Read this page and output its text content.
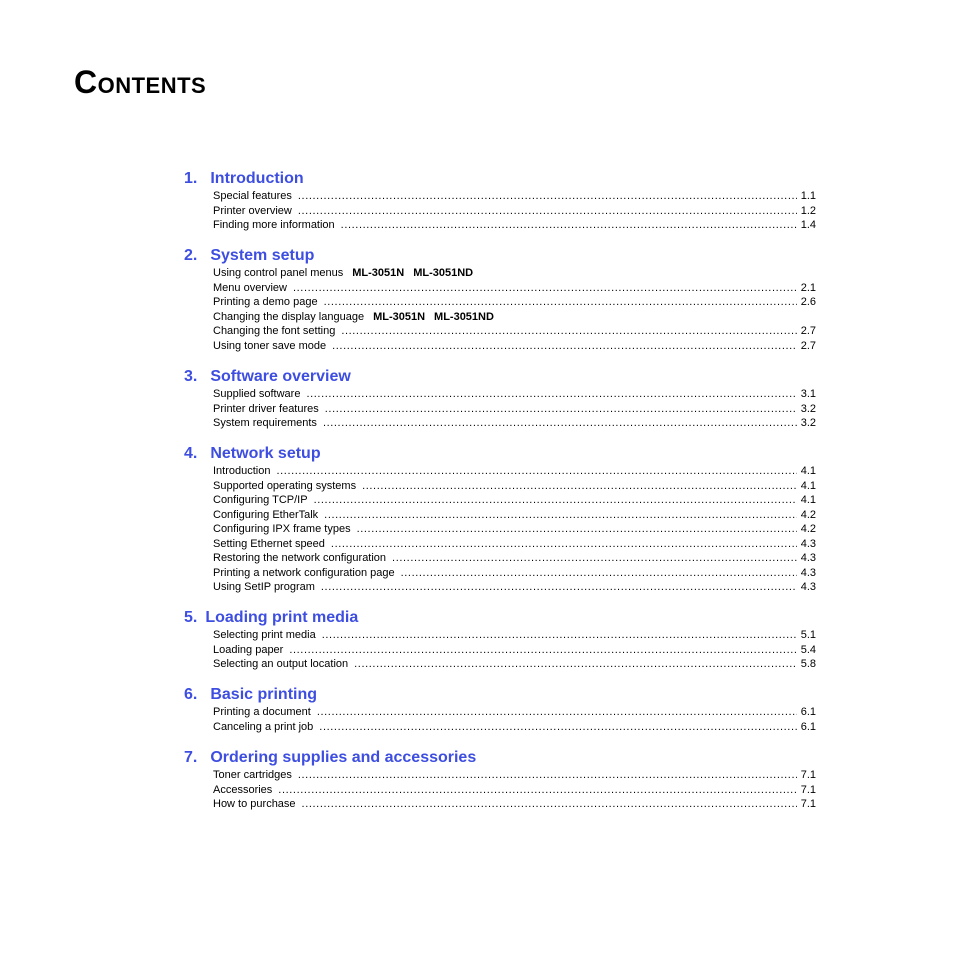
Contents
1. Introduction
Special features .....	1.1
Printer overview .....	1.2
Finding more information .....	1.4
2. System setup
Using control panel menus ML-3051N ML-3051ND
Menu overview .....	2.1
Printing a demo page .....	2.6
Changing the display language ML-3051N ML-3051ND
Changing the font setting .....	2.7
Using toner save mode .....	2.7
3. Software overview
Supplied software .....	3.1
Printer driver features .....	3.2
System requirements .....	3.2
4. Network setup
Introduction .....	4.1
Supported operating systems .....	4.1
Configuring TCP/IP .....	4.1
Configuring EtherTalk .....	4.2
Configuring IPX frame types .....	4.2
Setting Ethernet speed .....	4.3
Restoring the network configuration .....	4.3
Printing a network configuration page .....	4.3
Using SetIP program .....	4.3
5. Loading print media
Selecting print media .....	5.1
Loading paper .....	5.4
Selecting an output location .....	5.8
6. Basic printing
Printing a document .....	6.1
Canceling a print job .....	6.1
7. Ordering supplies and accessories
Toner cartridges .....	7.1
Accessories .....	7.1
How to purchase .....	7.1
